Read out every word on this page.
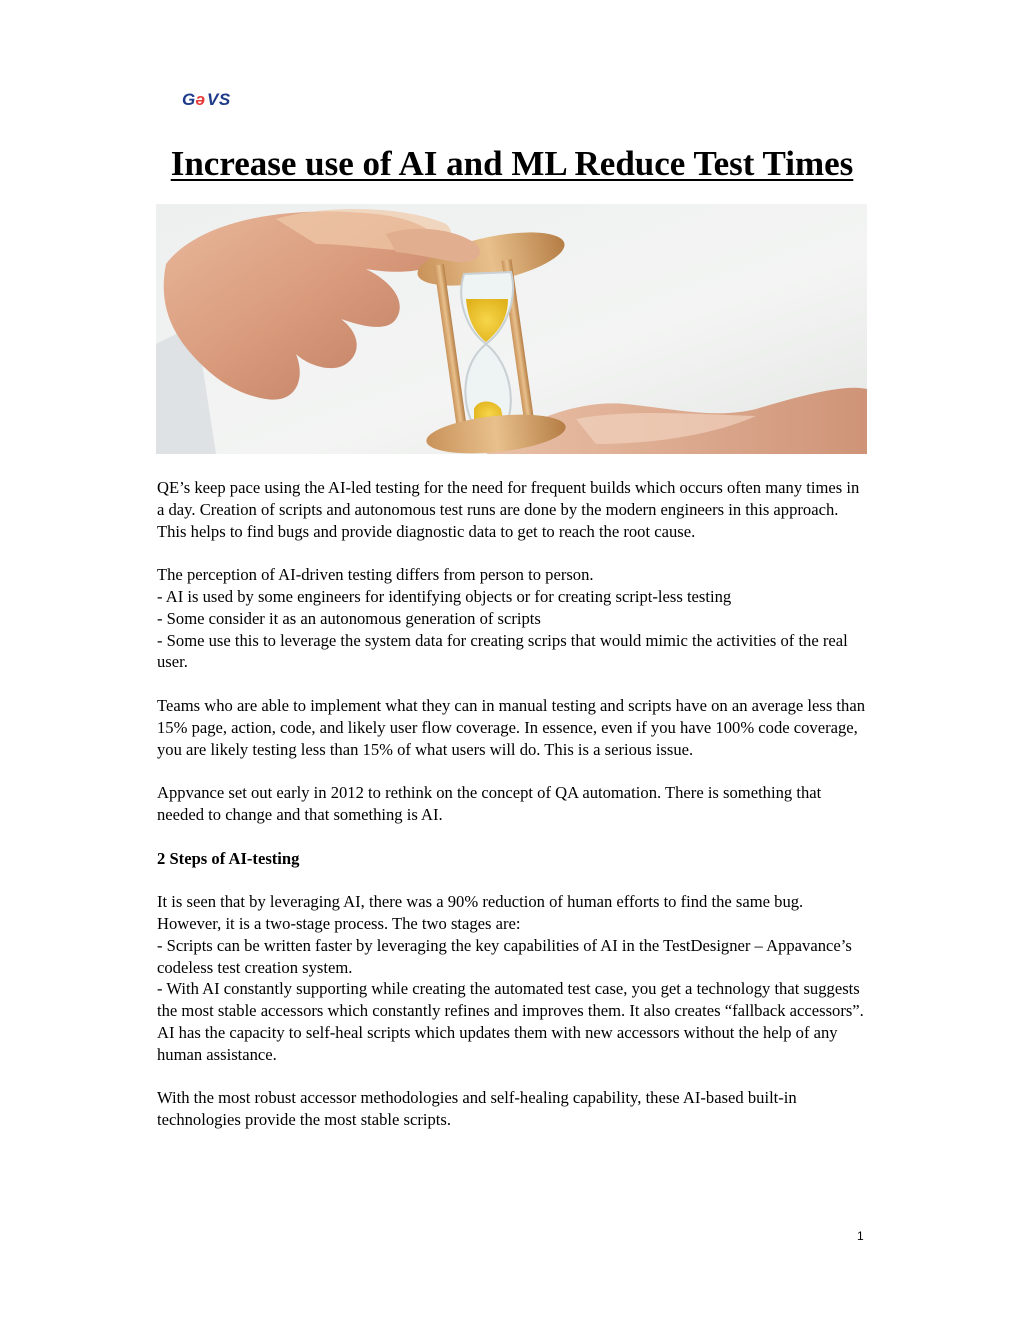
G ə VS
Increase use of AI and ML Reduce Test Times

QE’s keep pace using the AI-led testing for the need for frequent builds which occurs often many times in a day. Creation of scripts and autonomous test runs are done by the modern engineers in this approach. This helps to find bugs and provide diagnostic data to get to reach the root cause.

The perception of AI-driven testing differs from person to person.
- AI is used by some engineers for identifying objects or for creating script-less testing
- Some consider it as an autonomous generation of scripts
- Some use this to leverage the system data for creating scrips that would mimic the activities of the real user.

Teams who are able to implement what they can in manual testing and scripts have on an average less than 15% page, action, code, and likely user flow coverage. In essence, even if you have 100% code coverage, you are likely testing less than 15% of what users will do. This is a serious issue.

Appvance set out early in 2012 to rethink on the concept of QA automation. There is something that needed to change and that something is AI.

2 Steps of AI-testing

It is seen that by leveraging AI, there was a 90% reduction of human efforts to find the same bug. However, it is a two-stage process. The two stages are:
- Scripts can be written faster by leveraging the key capabilities of AI in the TestDesigner – Appavance’s codeless test creation system.
- With AI constantly supporting while creating the automated test case, you get a technology that suggests the most stable accessors which constantly refines and improves them. It also creates “fallback accessors”. AI has the capacity to self-heal scripts which updates them with new accessors without the help of any human assistance.

With the most robust accessor methodologies and self-healing capability, these AI-based built-in technologies provide the most stable scripts.

1
